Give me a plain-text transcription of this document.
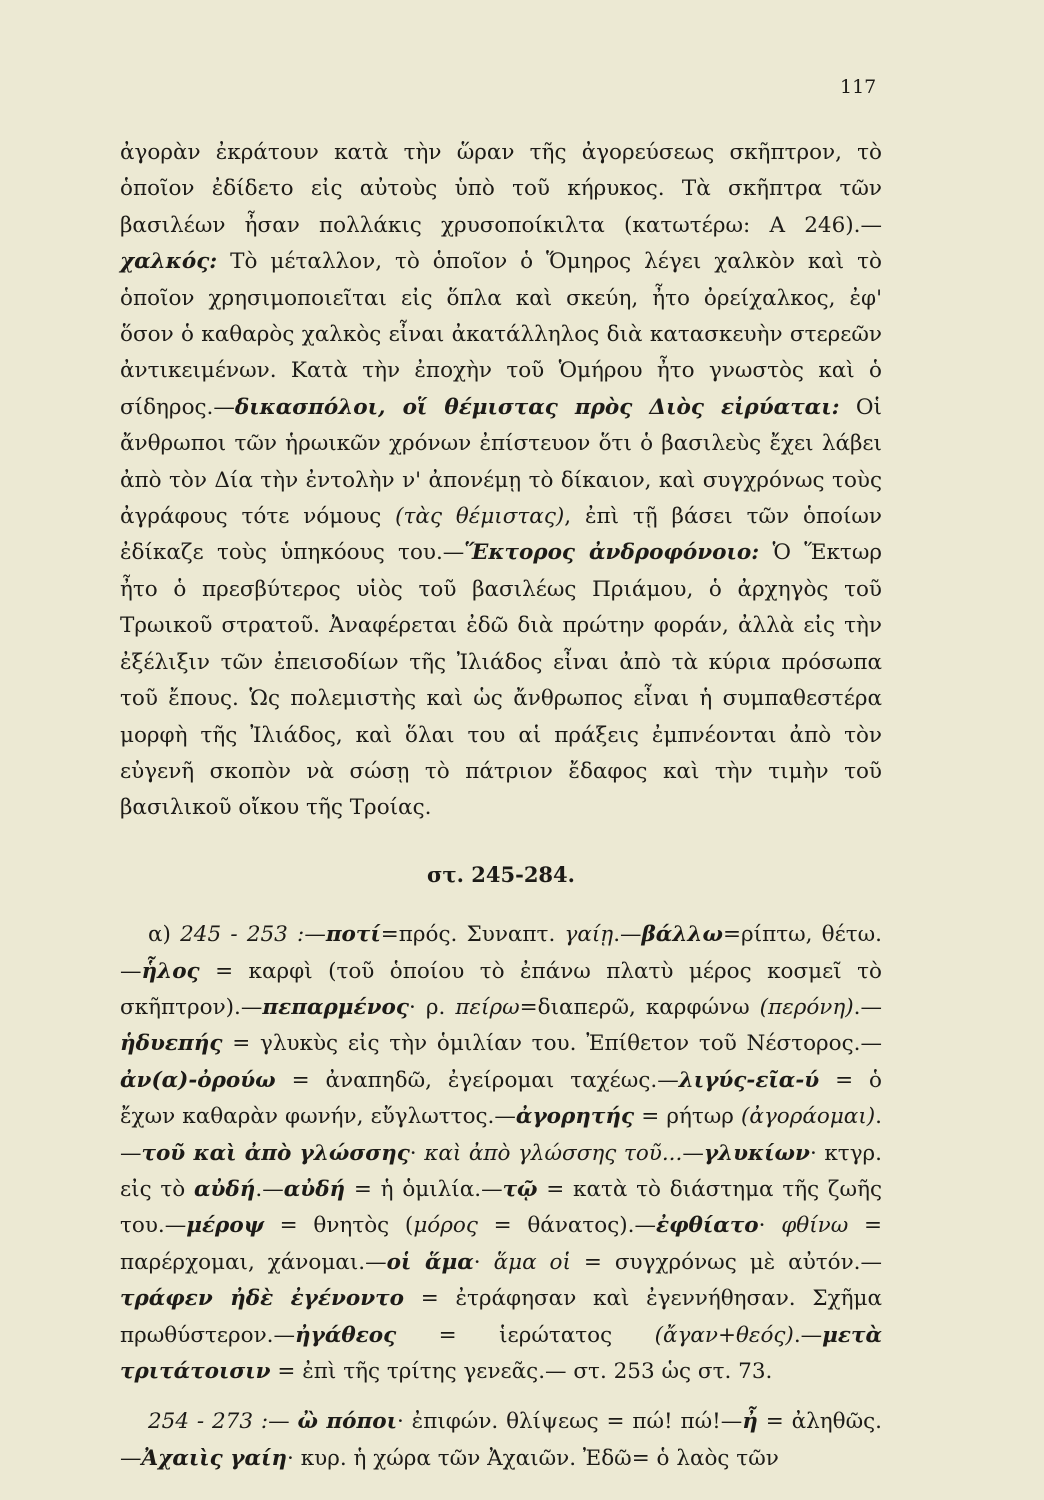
117

ἀγορὰν ἐκράτουν κατὰ τὴν ὥραν τῆς ἀγορεύσεως σκῆπτρον, τὸ ὁποῖον ἐδίδετο εἰς αὐτοὺς ὑπὸ τοῦ κήρυκος. Τὰ σκῆπτρα τῶν βασιλέων ἦσαν πολλάκις χρυσοποίκιλτα (κατωτέρω: Α 246).—χαλκός: Τὸ μέταλλον, τὸ ὁποῖον ὁ Ὅμηρος λέγει χαλκὸν καὶ τὸ ὁποῖον χρησιμοποιεῖται εἰς ὅπλα καὶ σκεύη, ἦτο ὀρείχαλκος, ἐφ' ὅσον ὁ καθαρὸς χαλκὸς εἶναι ἀκατάλληλος διὰ κατασκευὴν στερεῶν ἀντικειμένων. Κατὰ τὴν ἐποχὴν τοῦ Ὁμήρου ἦτο γνωστὸς καὶ ὁ σίδηρος.—δικασπόλοι, οἵ θέμιστας πρὸς Διὸς εἰρύαται: Οἱ ἄνθρωποι τῶν ἡρωικῶν χρόνων ἐπίστευον ὅτι ὁ βασιλεὺς ἔχει λάβει ἀπὸ τὸν Δία τὴν ἐντολὴν ν' ἀπονέμῃ τὸ δίκαιον, καὶ συγχρόνως τοὺς ἀγράφους τότε νόμους (τὰς θέμιστας), ἐπὶ τῇ βάσει τῶν ὁποίων ἐδίκαζε τοὺς ὑπηκόους του.—Ἕκτορος ἀνδροφόνοιο: Ὁ Ἕκτωρ ἦτο ὁ πρεσβύτερος υἱὸς τοῦ βασιλέως Πριάμου, ὁ ἀρχηγὸς τοῦ Τρωικοῦ στρατοῦ. Ἀναφέρεται ἐδῶ διὰ πρώτην φοράν, ἀλλὰ εἰς τὴν ἐξέλιξιν τῶν ἐπεισοδίων τῆς Ἰλιάδος εἶναι ἀπὸ τὰ κύρια πρόσωπα τοῦ ἔπους. Ὡς πολεμιστὴς καὶ ὡς ἄνθρωπος εἶναι ἡ συμπαθεστέρα μορφὴ τῆς Ἰλιάδος, καὶ ὅλαι του αἱ πράξεις ἐμπνέονται ἀπὸ τὸν εὐγενῆ σκοπὸν νὰ σώσῃ τὸ πάτριον ἔδαφος καὶ τὴν τιμὴν τοῦ βασιλικοῦ οἴκου τῆς Τροίας.

στ. 245-284.

α) 245 - 253 :—ποτί=πρός. Συναπτ. γαίῃ.—βάλλω=ρίπτω, θέτω.—ἧλος = καρφὶ (τοῦ ὁποίου τὸ ἐπάνω πλατὺ μέρος κοσμεῖ τὸ σκῆπτρον).—πεπαρμένος· ρ. πείρω=διαπερῶ, καρφώνω (περόνη).—ἡδυεπής = γλυκὺς εἰς τὴν ὁμιλίαν του. Ἐπίθετον τοῦ Νέστορος.—ἀν(α)-ὀρούω = ἀναπηδῶ, ἐγείρομαι ταχέως.—λιγύς-εῖα-ύ = ὁ ἔχων καθαρὰν φωνήν, εὔγλωττος.—ἀγορητής = ρήτωρ (ἀγοράομαι).—τοῦ καὶ ἀπὸ γλώσσης· καὶ ἀπὸ γλώσσης τοῦ...—γλυκίων· κτγρ. εἰς τὸ αὐδή.—αὐδή = ἡ ὁμιλία.—τῷ = κατὰ τὸ διάστημα τῆς ζωῆς του.—μέροψ = θνητὸς (μόρος = θάνατος).—ἐφθίατο· φθίνω = παρέρχομαι, χάνομαι.—οἱ ἅμα· ἅμα οἱ = συγχρόνως μὲ αὐτόν.—τράφεν ἠδὲ ἐγένοντο = ἐτράφησαν καὶ ἐγεννήθησαν. Σχῆμα πρωθύστερον.—ἠγάθεος = ἱερώτατος (ἄγαν+θεός).—μετὰ τριτάτοισιν = ἐπὶ τῆς τρίτης γενεᾶς.— στ. 253 ὡς στ. 73.

254 - 273 :— ὢ πόποι· ἐπιφών. θλίψεως = πώ! πώ!—ἦ = ἀληθῶς.—Ἀχαιὶς γαίη· κυρ. ἡ χώρα τῶν Ἀχαιῶν. Ἐδῶ= ὁ λαὸς τῶν
